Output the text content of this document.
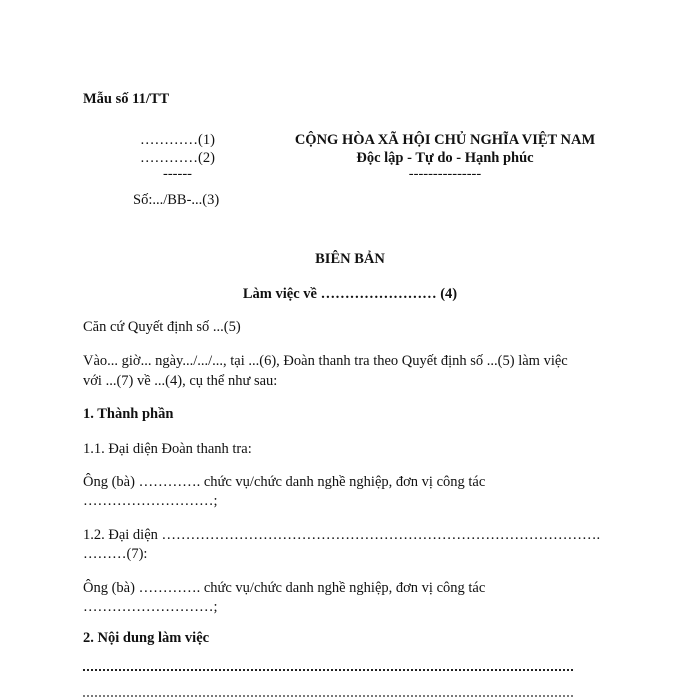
Mẫu số 11/TT
…………(1)
…………(2)
------
Số:.../BB-...(3)
CỘNG HÒA XÃ HỘI CHỦ NGHĨA VIỆT NAM
Độc lập - Tự do - Hạnh phúc
---------------
BIÊN BẢN
Làm việc về …………………… (4)
Căn cứ Quyết định số ...(5)
Vào... giờ... ngày.../.../..., tại ...(6), Đoàn thanh tra theo Quyết định số ...(5) làm việc
với ...(7) về ...(4), cụ thể như sau:
1. Thành phần
1.1. Đại diện Đoàn thanh tra:
Ông (bà) …………. chức vụ/chức danh nghề nghiệp, đơn vị công tác
………………………;
1.2. Đại diện ……………………………………………………………………………….
………(7):
Ông (bà) …………. chức vụ/chức danh nghề nghiệp, đơn vị công tác
………………………;
2. Nội dung làm việc
